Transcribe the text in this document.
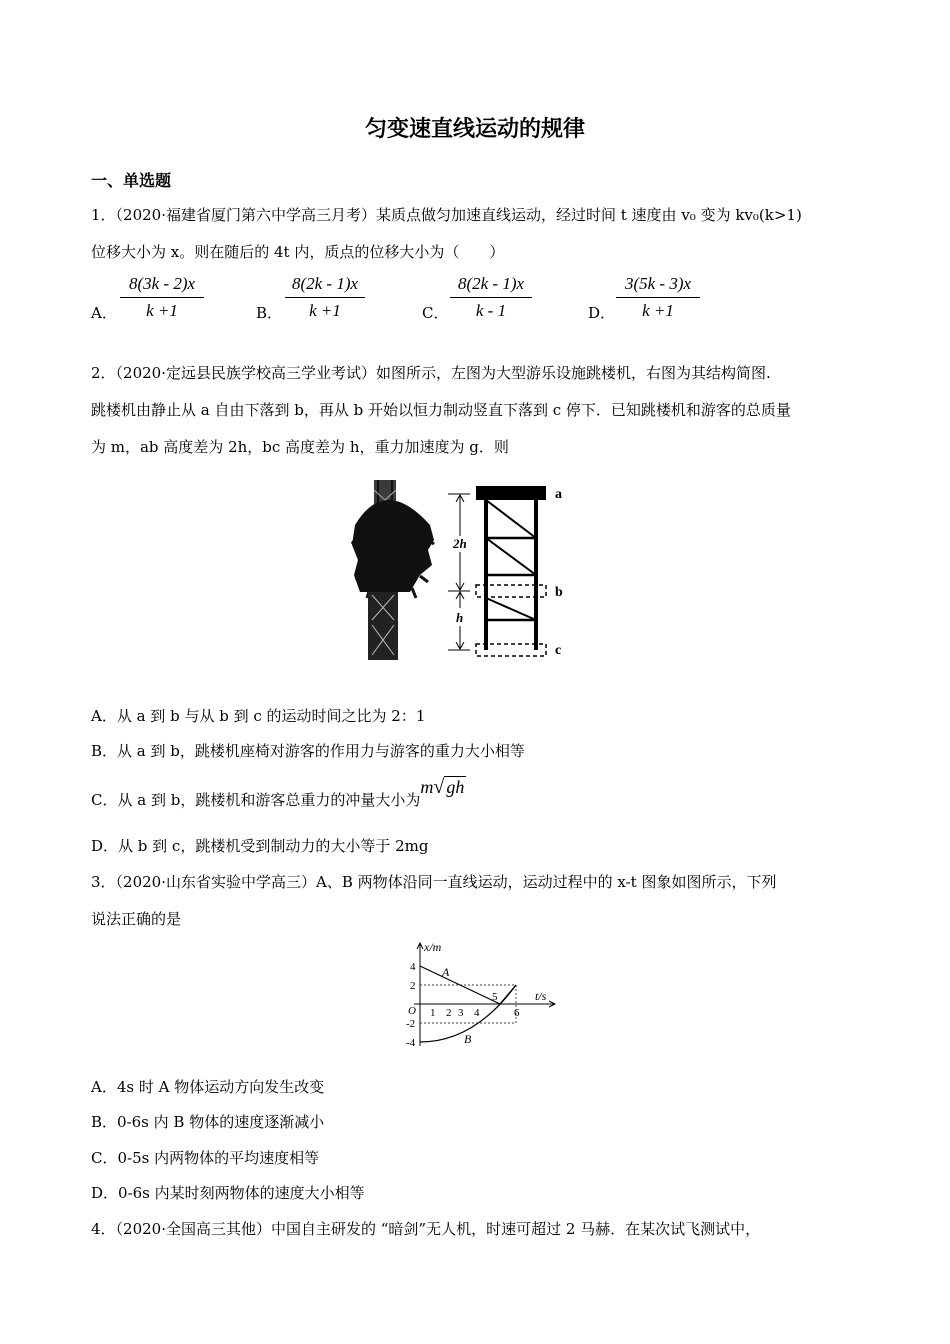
匀变速直线运动的规律
一、单选题
1．（2020·福建省厦门第六中学高三月考）某质点做匀加速直线运动，经过时间 t 速度由 v₀ 变为 kv₀(k>1)
位移大小为 x。则在随后的 4t 内，质点的位移大小为（　　）
A． $\frac{8(3k - 2)x}{k +1}$	B． $\frac{8(2k - 1)x}{k +1}$	C． $\frac{8(2k - 1)x}{k - 1}$	D． $\frac{3(5k - 3)x}{k +1}$
2．（2020·定远县民族学校高三学业考试）如图所示，左图为大型游乐设施跳楼机，右图为其结构简图.
跳楼机由静止从 a 自由下落到 b，再从 b 开始以恒力制动竖直下落到 c 停下．已知跳楼机和游客的总质量
为 m，ab 高度差为 2h，bc 高度差为 h，重力加速度为 g．则
2h
h
a
b
c
A．从 a 到 b 与从 b 到 c 的运动时间之比为 2：1
B．从 a 到 b，跳楼机座椅对游客的作用力与游客的重力大小相等
C．从 a 到 b，跳楼机和游客总重力的冲量大小为m√ gh
D．从 b 到 c，跳楼机受到制动力的大小等于 2mg
3．（2020·山东省实验中学高三）A、B 两物体沿同一直线运动，运动过程中的 x-t 图象如图所示，下列
说法正确的是
x/m
t/s
O
4
2
-2
-4
1 2 3 4
5
6
A
B
A．4s 时 A 物体运动方向发生改变
B．0-6s 内 B 物体的速度逐渐减小
C．0-5s 内两物体的平均速度相等
D．0-6s 内某时刻两物体的速度大小相等
4．（2020·全国高三其他）中国自主研发的 “暗剑”无人机，时速可超过 2 马赫．在某次试飞测试中，
